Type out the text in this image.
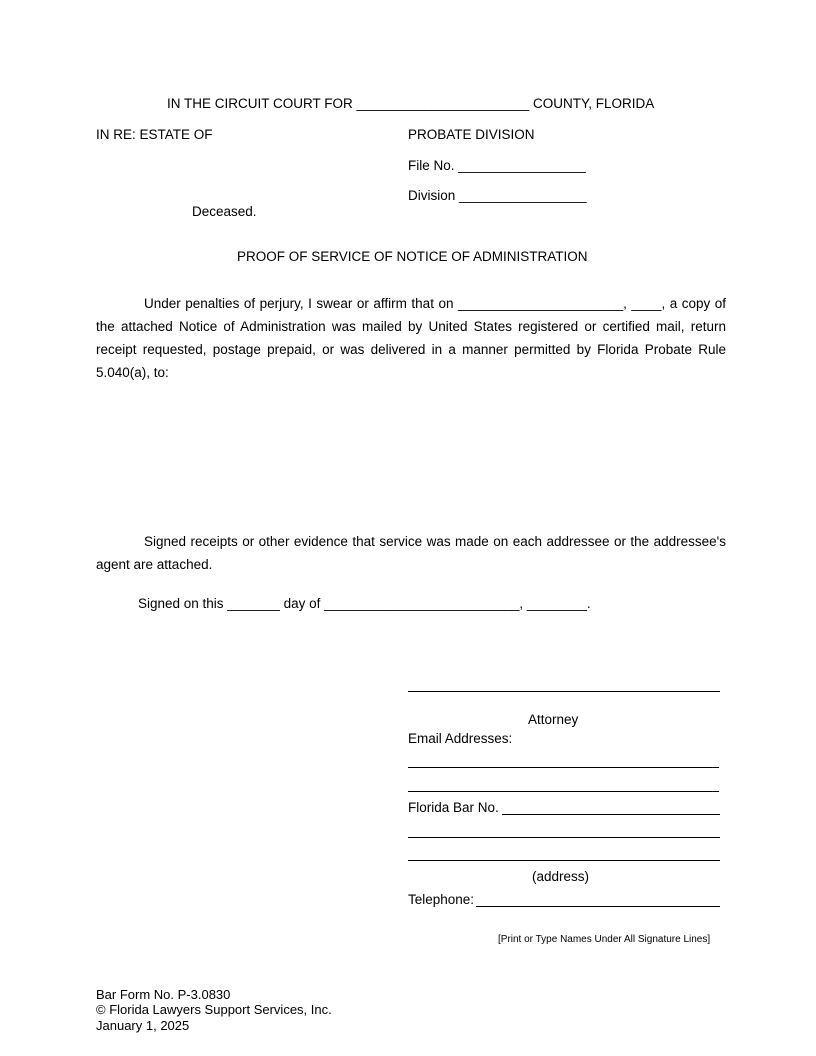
IN THE CIRCUIT COURT FOR _______________________ COUNTY, FLORIDA
IN RE: ESTATE OF	PROBATE DIVISION
File No. _________________
Division _________________
Deceased.
PROOF OF SERVICE OF NOTICE OF ADMINISTRATION
Under penalties of perjury, I swear or affirm that on ______________________, ____, a copy of the attached Notice of Administration was mailed by United States registered or certified mail, return receipt requested, postage prepaid, or was delivered in a manner permitted by Florida Probate Rule 5.040(a), to:
Signed receipts or other evidence that service was made on each addressee or the addressee's agent are attached.
Signed on this _______ day of __________________________, ________.
Attorney
Email Addresses:
Florida Bar No.
(address)
Telephone:
[Print or Type Names Under All Signature Lines]
Bar Form No. P-3.0830
© Florida Lawyers Support Services, Inc.
January 1, 2025
